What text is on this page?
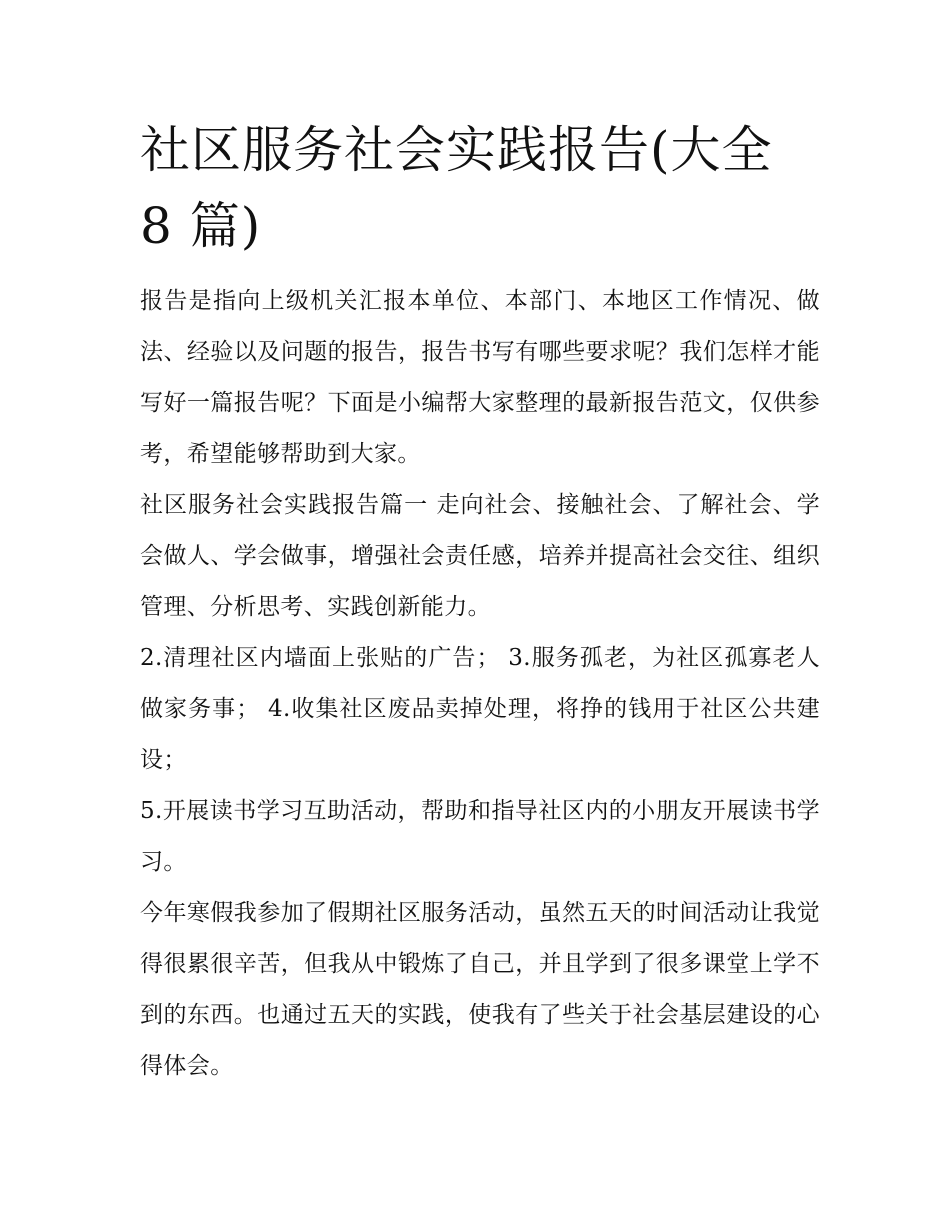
社区服务社会实践报告(大全 8 篇)

报告是指向上级机关汇报本单位、本部门、本地区工作情况、做法、经验以及问题的报告，报告书写有哪些要求呢？我们怎样才能写好一篇报告呢？下面是小编帮大家整理的最新报告范文，仅供参考，希望能够帮助到大家。

社区服务社会实践报告篇一 走向社会、接触社会、了解社会、学会做人、学会做事，增强社会责任感，培养并提高社会交往、组织管理、分析思考、实践创新能力。

2.清理社区内墙面上张贴的广告； 3.服务孤老，为社区孤寡老人做家务事； 4.收集社区废品卖掉处理，将挣的钱用于社区公共建设；

5.开展读书学习互助活动，帮助和指导社区内的小朋友开展读书学习。

今年寒假我参加了假期社区服务活动，虽然五天的时间活动让我觉得很累很辛苦，但我从中锻炼了自己，并且学到了很多课堂上学不到的东西。也通过五天的实践，使我有了些关于社会基层建设的心得体会。
